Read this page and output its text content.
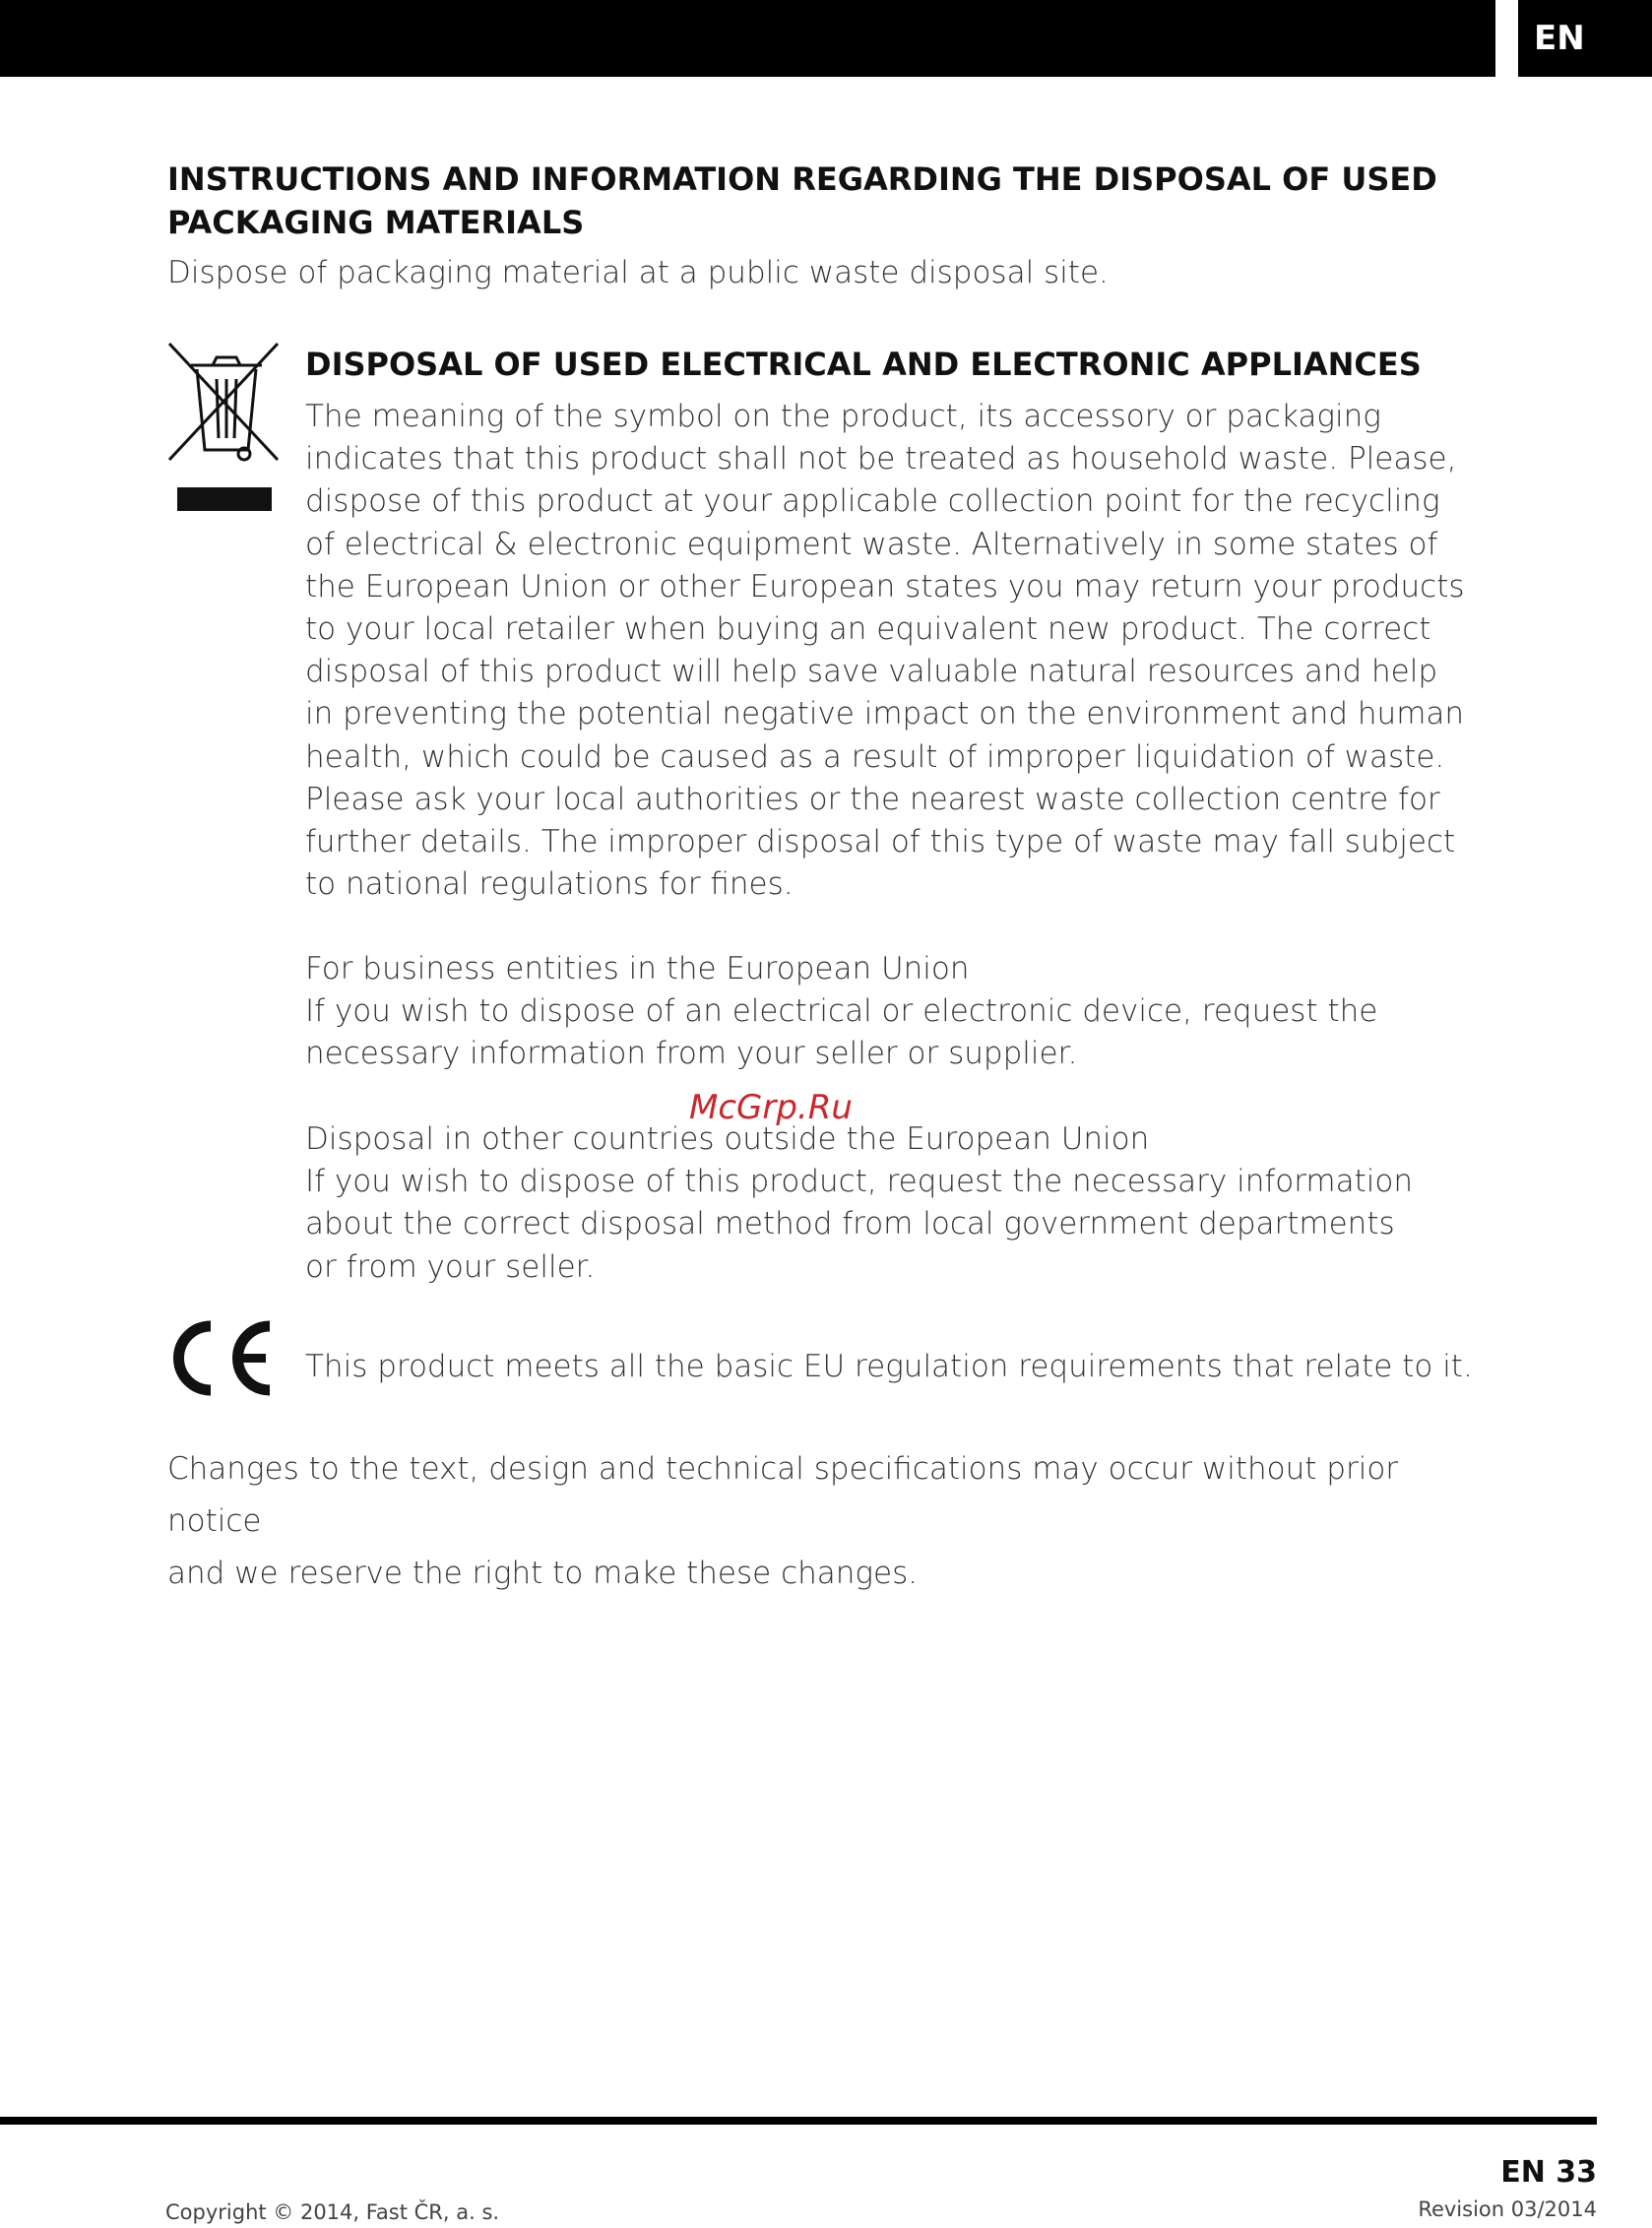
EN
INSTRUCTIONS AND INFORMATION REGARDING THE DISPOSAL OF USED PACKAGING MATERIALS

Dispose of packaging material at a public waste disposal site.

DISPOSAL OF USED ELECTRICAL AND ELECTRONIC APPLIANCES

The meaning of the symbol on the product, its accessory or packaging
indicates that this product shall not be treated as household waste. Please,
dispose of this product at your applicable collection point for the recycling
of electrical & electronic equipment waste. Alternatively in some states of
the European Union or other European states you may return your products
to your local retailer when buying an equivalent new product. The correct
disposal of this product will help save valuable natural resources and help
in preventing the potential negative impact on the environment and human
health, which could be caused as a result of improper liquidation of waste.
Please ask your local authorities or the nearest waste collection centre for
further details. The improper disposal of this type of waste may fall subject
to national regulations for fines.

For business entities in the European Union
If you wish to dispose of an electrical or electronic device, request the
necessary information from your seller or supplier.

Disposal in other countries outside the European Union
If you wish to dispose of this product, request the necessary information
about the correct disposal method from local government departments
or from your seller.

This product meets all the basic EU regulation requirements that relate to it.

Changes to the text, design and technical specifications may occur without prior notice
and we reserve the right to make these changes.

McGrp.Ru

EN 33

Copyright © 2014, Fast ČR, a. s.	Revision 03/2014
